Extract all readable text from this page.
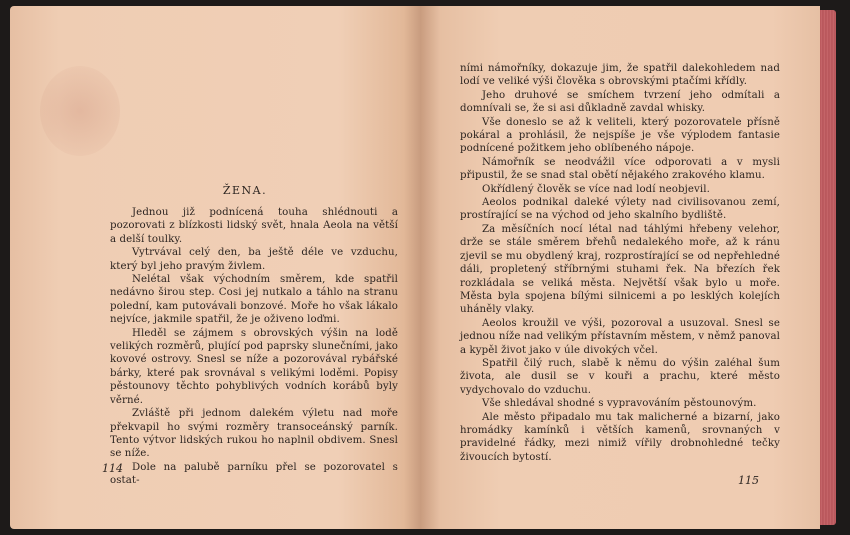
ŽENA.

Jednou již podnícená touha shlédnouti a pozorovati z blízkosti lidský svět, hnala Aeola na větší a delší toulky.

Vytrvával celý den, ba ještě déle ve vzduchu, který byl jeho pravým živlem.

Nelétal však východním směrem, kde spatřil nedávno širou step. Cosi jej nutkalo a táhlo na stranu polední, kam putovávali bonzové. Moře ho však lákalo nejvíce, jakmile spatřil, že je oživeno loďmi.

Hleděl se zájmem s obrovských výšin na lodě velikých rozměrů, plující pod paprsky slunečními, jako kovové ostrovy. Snesl se níže a pozorovával rybářské bárky, které pak srovnával s velikými loděmi. Popisy pěstounovy těchto pohyblivých vodních korábů byly věrné.

Zvláště při jednom dalekém výletu nad moře překvapil ho svými rozměry transoceánský parník. Tento výtvor lidských rukou ho naplnil obdivem. Snesl se níže.

Dole na palubě parníku přel se pozorovatel s ostat-

114

ními námořníky, dokazuje jim, že spatřil dalekohledem nad lodí ve veliké výši člověka s obrovskými ptačími křídly.

Jeho druhové se smíchem tvrzení jeho odmítali a domnívali se, že si asi důkladně zavdal whisky.

Vše doneslo se až k veliteli, který pozorovatele přísně pokáral a prohlásil, že nejspíše je vše výplodem fantasie podnícené požitkem jeho oblíbeného nápoje.

Námořník se neodvážil více odporovati a v mysli připustil, že se snad stal obětí nějakého zrakového klamu.

Okřídlený člověk se více nad lodí neobjevil.

Aeolos podnikal daleké výlety nad civilisovanou zemí, prostírající se na východ od jeho skalního bydliště.

Za měsíčních nocí létal nad táhlými hřebeny velehor, drže se stále směrem břehů nedalekého moře, až k ránu zjevil se mu obydlený kraj, rozprostírající se od nepřehledné dáli, propletený stříbrnými stuhami řek. Na březích řek rozkládala se veliká města. Největší však bylo u moře. Města byla spojena bílými silnicemi a po lesklých kolejích uháněly vlaky.

Aeolos kroužil ve výši, pozoroval a usuzoval. Snesl se jednou níže nad velikým přístavním městem, v němž panoval a kypěl život jako v úle divokých včel.

Spatřil čilý ruch, slabě k němu do výšin zaléhal šum života, ale dusil se v kouři a prachu, které město vydychovalo do vzduchu.

Vše shledával shodné s vypravováním pěstounovým.

Ale město připadalo mu tak malicherné a bizarní, jako hromádky kamínků i větších kamenů, srovnaných v pravidelné řádky, mezi nimiž vířily drobnohledné tečky živoucích bytostí.

115
